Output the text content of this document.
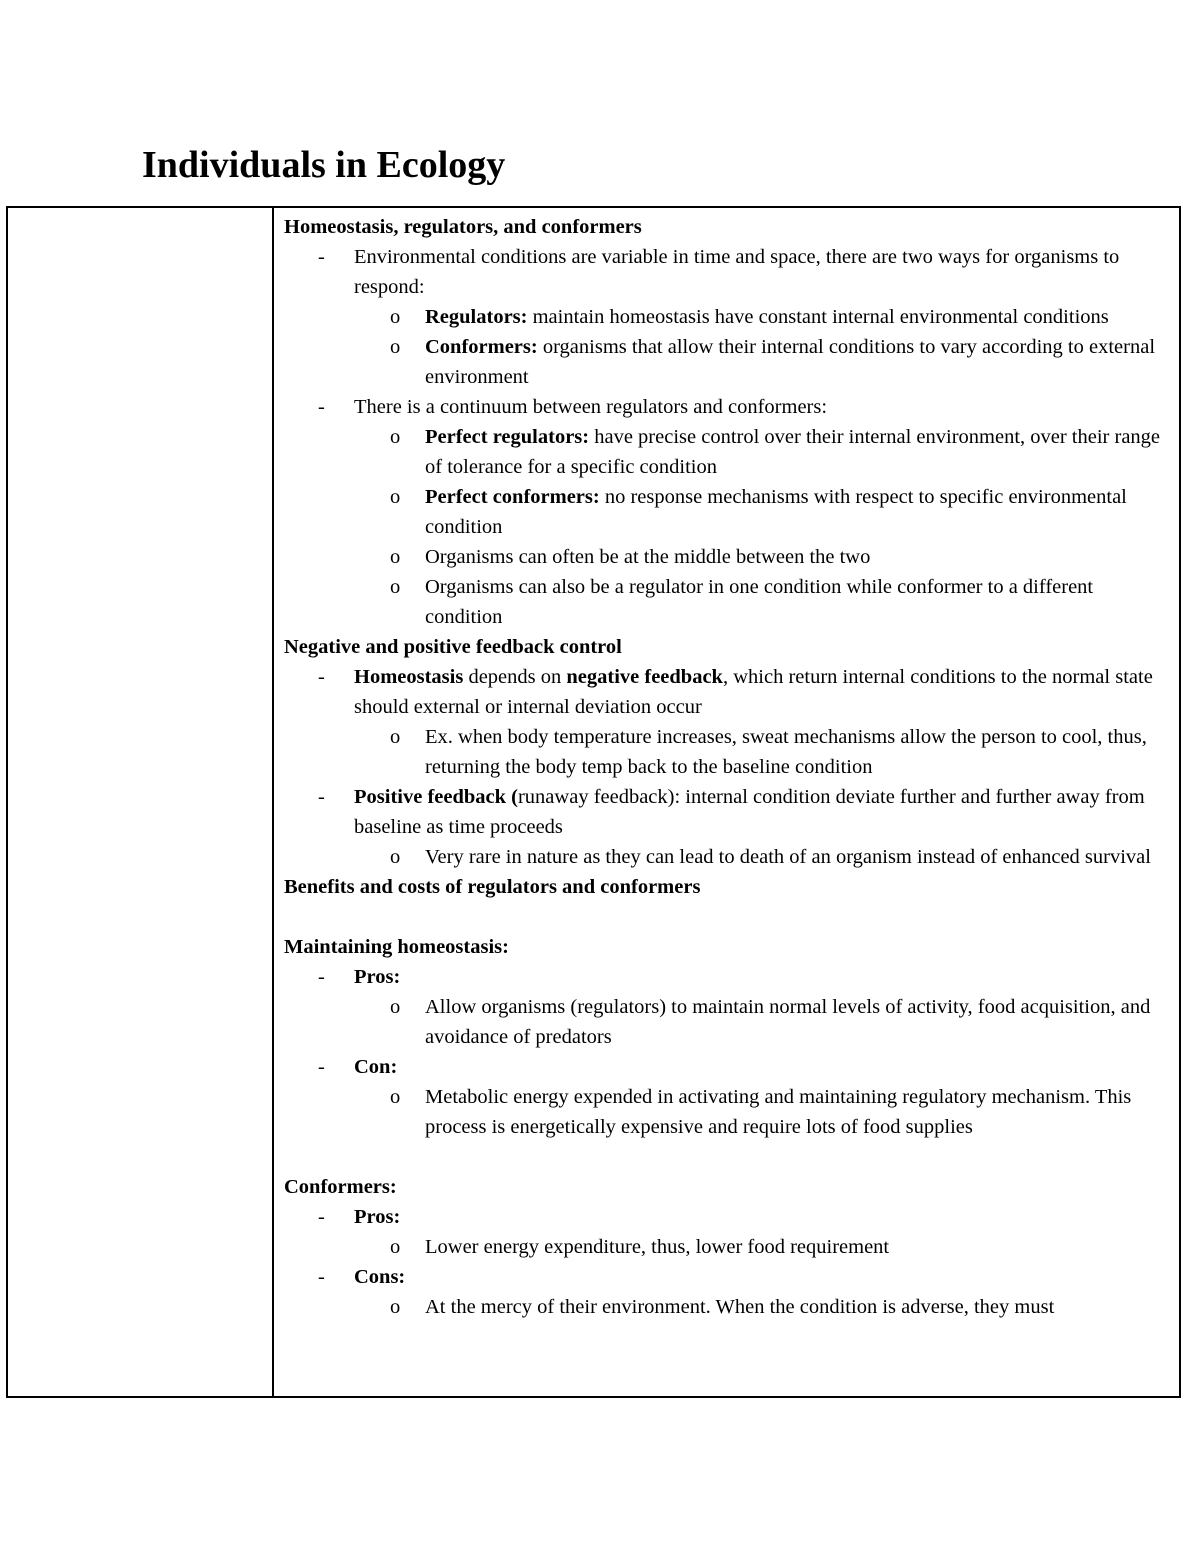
Individuals in Ecology
Homeostasis, regulators, and conformers
- Environmental conditions are variable in time and space, there are two ways for organisms to respond:
o Regulators: maintain homeostasis have constant internal environmental conditions
o Conformers: organisms that allow their internal conditions to vary according to external environment
- There is a continuum between regulators and conformers:
o Perfect regulators: have precise control over their internal environment, over their range of tolerance for a specific condition
o Perfect conformers: no response mechanisms with respect to specific environmental condition
o Organisms can often be at the middle between the two
o Organisms can also be a regulator in one condition while conformer to a different condition
Negative and positive feedback control
- Homeostasis depends on negative feedback, which return internal conditions to the normal state should external or internal deviation occur
o Ex. when body temperature increases, sweat mechanisms allow the person to cool, thus, returning the body temp back to the baseline condition
- Positive feedback (runaway feedback): internal condition deviate further and further away from baseline as time proceeds
o Very rare in nature as they can lead to death of an organism instead of enhanced survival
Benefits and costs of regulators and conformers
Maintaining homeostasis:
- Pros:
o Allow organisms (regulators) to maintain normal levels of activity, food acquisition, and avoidance of predators
- Con:
o Metabolic energy expended in activating and maintaining regulatory mechanism. This process is energetically expensive and require lots of food supplies
Conformers:
- Pros:
o Lower energy expenditure, thus, lower food requirement
- Cons:
o At the mercy of their environment. When the condition is adverse, they must
